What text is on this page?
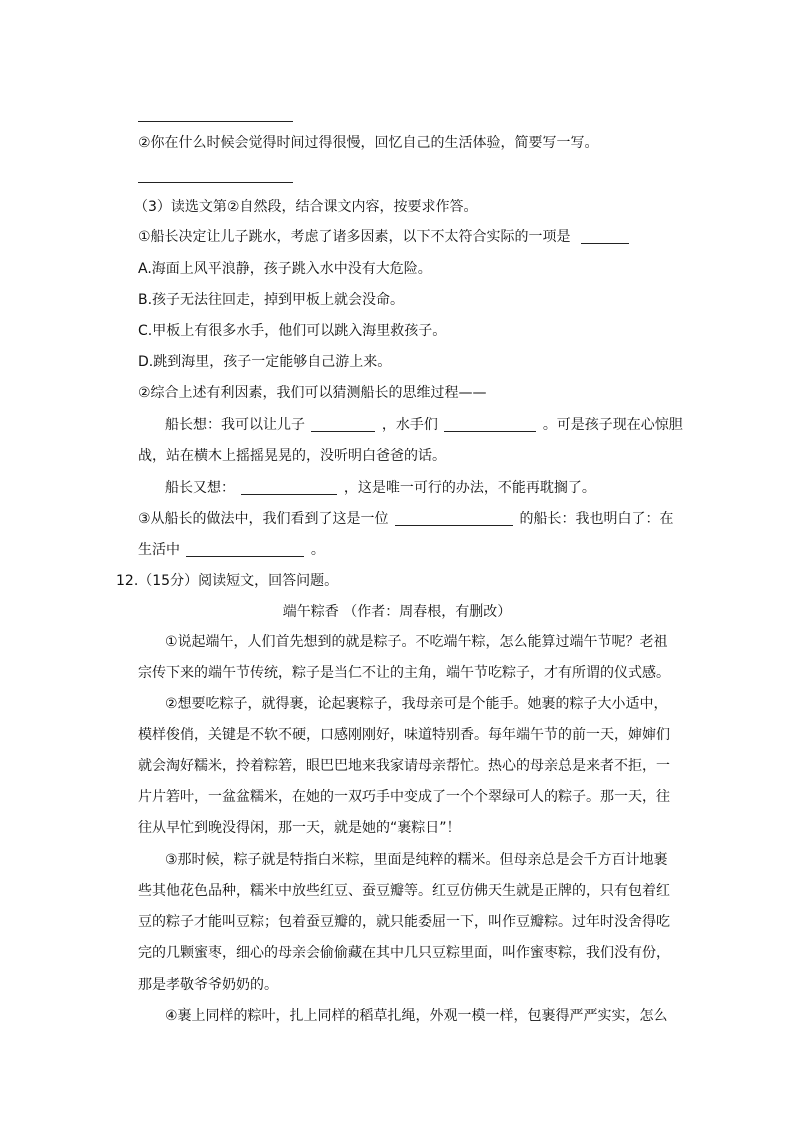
②你在什么时候会觉得时间过得很慢，回忆自己的生活体验，简要写一写。
（3）读选文第②自然段，结合课文内容，按要求作答。
①船长决定让儿子跳水，考虑了诸多因素，以下不太符合实际的一项是
A.海面上风平浪静，孩子跳入水中没有大危险。
B.孩子无法往回走，掉到甲板上就会没命。
C.甲板上有很多水手，他们可以跳入海里救孩子。
D.跳到海里，孩子一定能够自己游上来。
②综合上述有利因素，我们可以猜测船长的思维过程——
船长想：我可以让儿子	，水手们	。可是孩子现在心惊胆
战，站在横木上摇摇晃晃的，没听明白爸爸的话。
船长又想：	，这是唯一可行的办法，不能再耽搁了。
③从船长的做法中，我们看到了这是一位	的船长：我也明白了：在
生活中	。
12.（15分）阅读短文，回答问题。
端午粽香 （作者：周春根，有删改）
①说起端午，人们首先想到的就是粽子。不吃端午粽，怎么能算过端午节呢？老祖
宗传下来的端午节传统，粽子是当仁不让的主角，端午节吃粽子，才有所谓的仪式感。
②想要吃粽子，就得裹，论起裹粽子，我母亲可是个能手。她裹的粽子大小适中，
模样俊俏，关键是不软不硬，口感刚刚好，味道特别香。每年端午节的前一天，婶婶们
就会淘好糯米，拎着粽箬，眼巴巴地来我家请母亲帮忙。热心的母亲总是来者不拒，一
片片箬叶，一盆盆糯米，在她的一双巧手中变成了一个个翠绿可人的粽子。那一天，往
往从早忙到晚没得闲，那一天，就是她的“裹粽日”！
③那时候，粽子就是特指白米粽，里面是纯粹的糯米。但母亲总是会千方百计地裹
些其他花色品种，糯米中放些红豆、蚕豆瓣等。红豆仿佛天生就是正牌的，只有包着红
豆的粽子才能叫豆粽；包着蚕豆瓣的，就只能委屈一下，叫作豆瓣粽。过年时没舍得吃
完的几颗蜜枣，细心的母亲会偷偷藏在其中几只豆粽里面，叫作蜜枣粽，我们没有份，
那是孝敬爷爷奶奶的。
④裹上同样的粽叶，扎上同样的稻草扎绳，外观一模一样，包裹得严严实实，怎么
